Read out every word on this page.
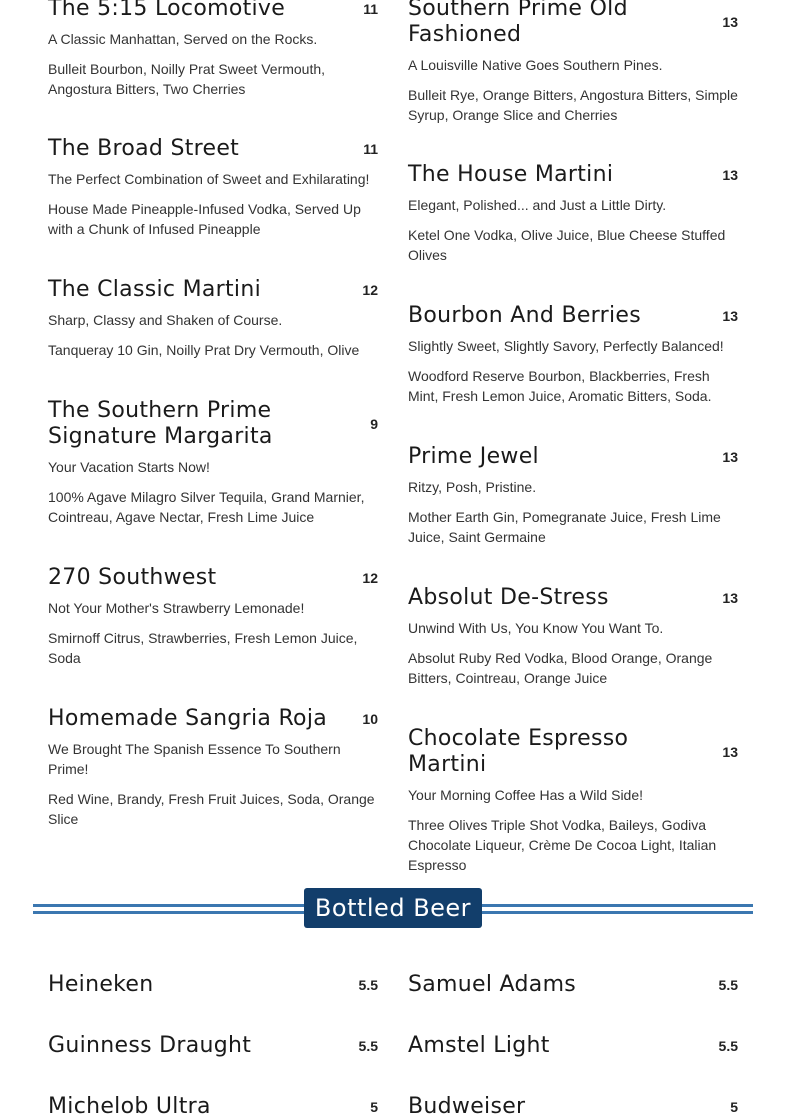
The 5:15 Locomotive	11
A Classic Manhattan, Served on the Rocks.
Bulleit Bourbon, Noilly Prat Sweet Vermouth, Angostura Bitters, Two Cherries
The Broad Street	11
The Perfect Combination of Sweet and Exhilarating!
House Made Pineapple-Infused Vodka, Served Up with a Chunk of Infused Pineapple
The Classic Martini	12
Sharp, Classy and Shaken of Course.
Tanqueray 10 Gin, Noilly Prat Dry Vermouth, Olive
The Southern Prime Signature Margarita	9
Your Vacation Starts Now!
100% Agave Milagro Silver Tequila, Grand Marnier, Cointreau, Agave Nectar, Fresh Lime Juice
270 Southwest	12
Not Your Mother's Strawberry Lemonade!
Smirnoff Citrus, Strawberries, Fresh Lemon Juice, Soda
Homemade Sangria Roja	10
We Brought The Spanish Essence To Southern Prime!
Red Wine, Brandy, Fresh Fruit Juices, Soda, Orange Slice
Southern Prime Old Fashioned	13
A Louisville Native Goes Southern Pines.
Bulleit Rye, Orange Bitters, Angostura Bitters, Simple Syrup, Orange Slice and Cherries
The House Martini	13
Elegant, Polished... and Just a Little Dirty.
Ketel One Vodka, Olive Juice, Blue Cheese Stuffed Olives
Bourbon And Berries	13
Slightly Sweet, Slightly Savory, Perfectly Balanced!
Woodford Reserve Bourbon, Blackberries, Fresh Mint, Fresh Lemon Juice, Aromatic Bitters, Soda.
Prime Jewel	13
Ritzy, Posh, Pristine.
Mother Earth Gin, Pomegranate Juice, Fresh Lime Juice, Saint Germaine
Absolut De-Stress	13
Unwind With Us, You Know You Want To.
Absolut Ruby Red Vodka, Blood Orange, Orange Bitters, Cointreau, Orange Juice
Chocolate Espresso Martini	13
Your Morning Coffee Has a Wild Side!
Three Olives Triple Shot Vodka, Baileys, Godiva Chocolate Liqueur, Crème De Cocoa Light, Italian Espresso
Bottled Beer
Heineken	5.5
Guinness Draught	5.5
Michelob Ultra	5
Samuel Adams	5.5
Amstel Light	5.5
Budweiser	5
